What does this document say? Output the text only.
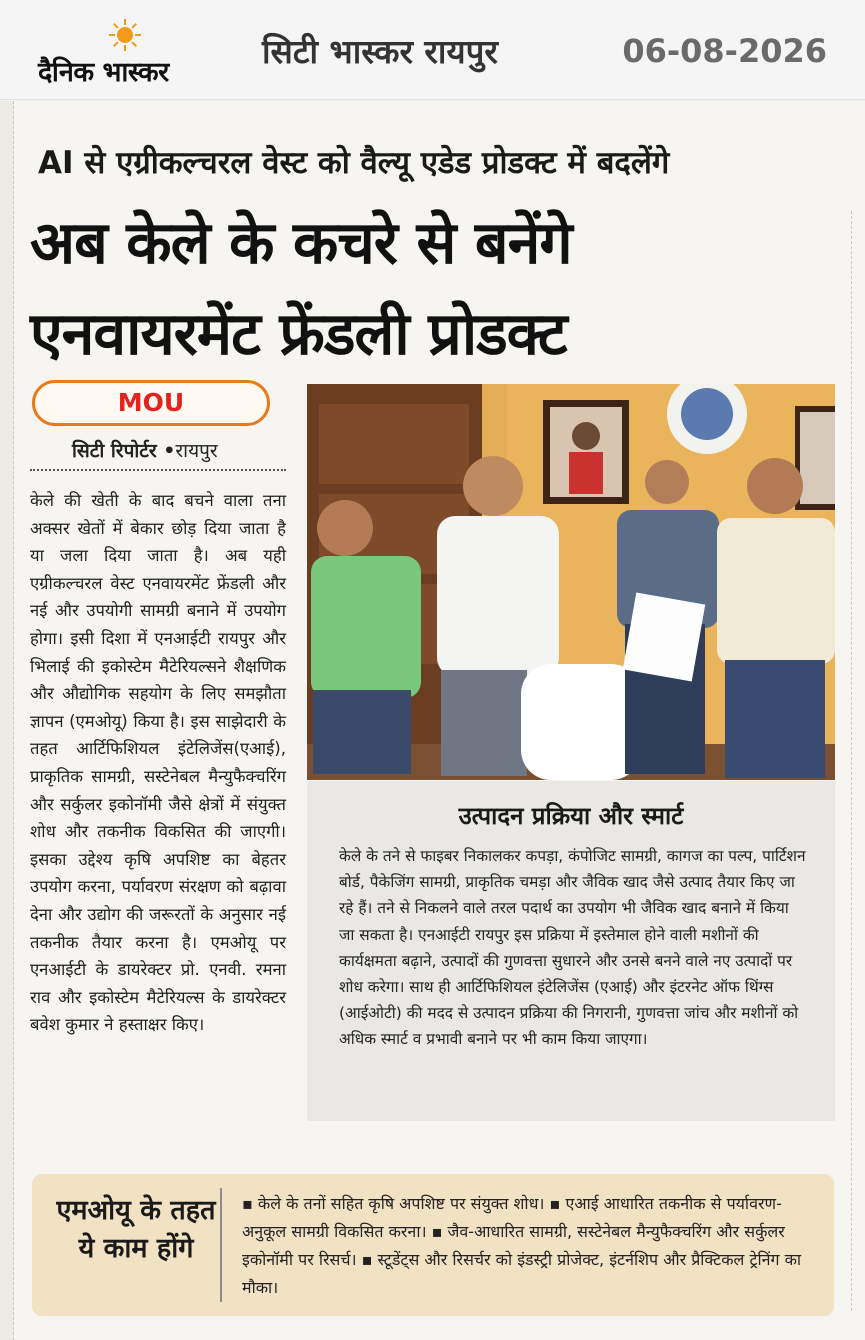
दैनिक भास्कर
सिटी भास्कर रायपुर	06-08-2026
AI से एग्रीकल्चरल वेस्ट को वैल्यू एडेड प्रोडक्ट में बदलेंगे
अब केले के कचरे से बनेंगे
एनवायरमेंट फ्रेंडली प्रोडक्ट
MOU
सिटी रिपोर्टर •रायपुर
केले की खेती के बाद बचने वाला तना अक्सर खेतों में बेकार छोड़ दिया जाता है या जला दिया जाता है। अब यही एग्रीकल्चरल वेस्ट एनवायरमेंट फ्रेंडली और नई और उपयोगी सामग्री बनाने में उपयोग होगा। इसी दिशा में एनआईटी रायपुर और भिलाई की इकोस्टेम मैटेरियल्सने शैक्षणिक और औद्योगिक सहयोग के लिए समझौता ज्ञापन (एमओयू) किया है। इस साझेदारी के तहत आर्टिफिशियल इंटेलिजेंस(एआई), प्राकृतिक सामग्री, सस्टेनेबल मैन्युफैक्चरिंग और सर्कुलर इकोनॉमी जैसे क्षेत्रों में संयुक्त शोध और तकनीक विकसित की जाएगी। इसका उद्देश्य कृषि अपशिष्ट का बेहतर उपयोग करना, पर्यावरण संरक्षण को बढ़ावा देना और उद्योग की जरूरतों के अनुसार नई तकनीक तैयार करना है। एमओयू पर एनआईटी के डायरेक्टर प्रो. एनवी. रमना राव और इकोस्टेम मैटेरियल्स के डायरेक्टर बवेश कुमार ने हस्ताक्षर किए।
उत्पादन प्रक्रिया और स्मार्ट
केले के तने से फाइबर निकालकर कपड़ा, कंपोजिट सामग्री, कागज का पल्प, पार्टिशन बोर्ड, पैकेजिंग सामग्री, प्राकृतिक चमड़ा और जैविक खाद जैसे उत्पाद तैयार किए जा रहे हैं। तने से निकलने वाले तरल पदार्थ का उपयोग भी जैविक खाद बनाने में किया जा सकता है। एनआईटी रायपुर इस प्रक्रिया में इस्तेमाल होने वाली मशीनों की कार्यक्षमता बढ़ाने, उत्पादों की गुणवत्ता सुधारने और उनसे बनने वाले नए उत्पादों पर शोध करेगा। साथ ही आर्टिफिशियल इंटेलिजेंस (एआई) और इंटरनेट ऑफ थिंग्स (आईओटी) की मदद से उत्पादन प्रक्रिया की निगरानी, गुणवत्ता जांच और मशीनों को अधिक स्मार्ट व प्रभावी बनाने पर भी काम किया जाएगा।
एमओयू के तहत ये काम होंगे
▪ केले के तनों सहित कृषि अपशिष्ट पर संयुक्त शोध। ▪ एआई आधारित तकनीक से पर्यावरण-अनुकूल सामग्री विकसित करना। ▪ जैव-आधारित सामग्री, सस्टेनेबल मैन्युफैक्चरिंग और सर्कुलर इकोनॉमी पर रिसर्च। ▪ स्टूडेंट्स और रिसर्चर को इंडस्ट्री प्रोजेक्ट, इंटर्नशिप और प्रैक्टिकल ट्रेनिंग का मौका।
